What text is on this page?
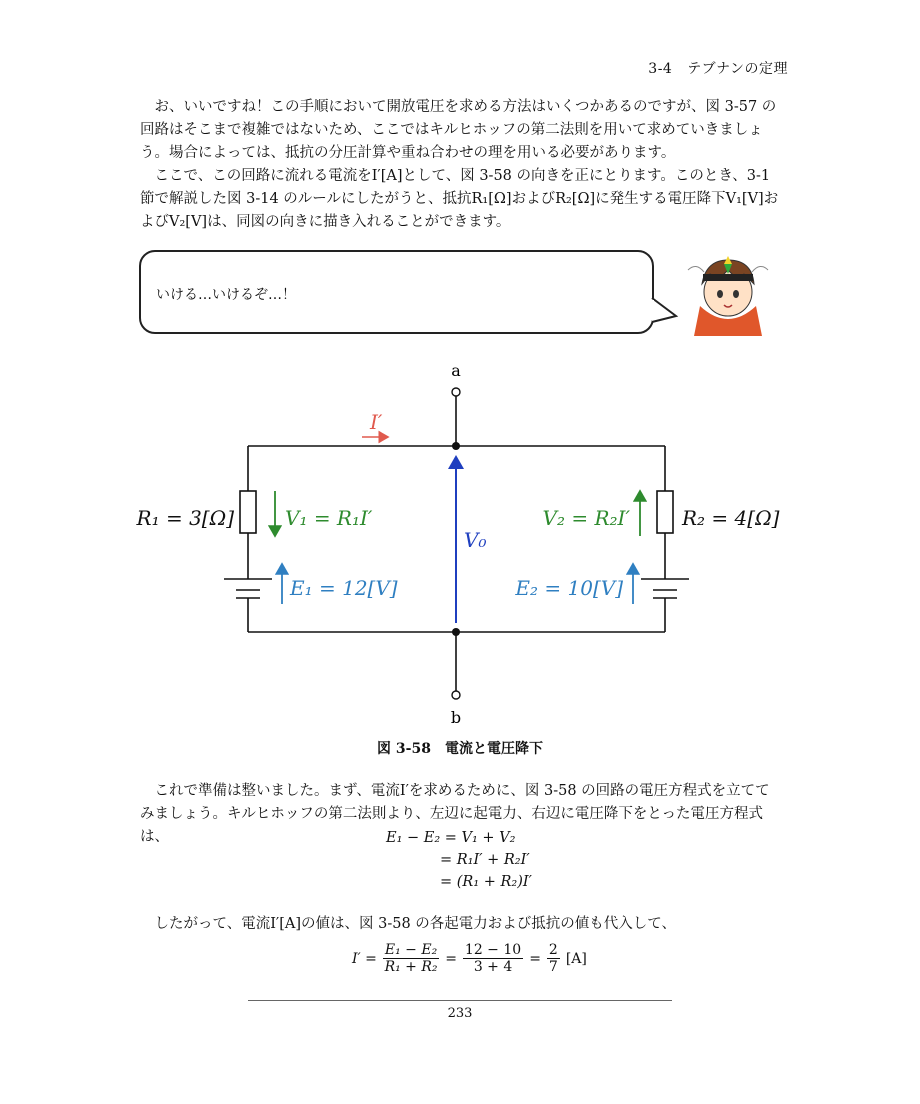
3-4 テブナンの定理

お、いいですね！この手順において開放電圧を求める方法はいくつかあるのですが、図 3-57 の回路はそこまで複雑ではないため、ここではキルヒホッフの第二法則を用いて求めていきましょう。場合によっては、抵抗の分圧計算や重ね合わせの理を用いる必要があります。

ここで、この回路に流れる電流をI′[A]として、図 3-58 の向きを正にとります。このとき、3-1 節で解説した図 3-14 のルールにしたがうと、抵抗R₁[Ω]およびR₂[Ω]に発生する電圧降下V₁[V]およびV₂[V]は、同図の向きに描き入れることができます。

いける…いけるぞ…！
a
b
I′
V₀
V₁ = R₁I′	V₂ = R₂I′
E₁ = 12[V]	E₂ = 10[V]
R₁ = 3[Ω]	R₂ = 4[Ω]
図 3-58　電流と電圧降下

これで準備は整いました。まず、電流I′を求めるために、図 3-58 の回路の電圧方程式を立ててみましょう。キルヒホッフの第二法則より、左辺に起電力、右辺に電圧降下をとった電圧方程式は、	E₁ − E₂ = V₁ + V₂
= R₁I′ + R₂I′
= (R₁ + R₂)I′

したがって、電流I′[A]の値は、図 3-58 の各起電力および抵抗の値も代入して、

$I' = \frac{\text{E₁ − E₂}}{\text{R₁ + R₂}} = \frac{12 - 10}{3 + 4} = \frac{2}{7} [A]$
233
